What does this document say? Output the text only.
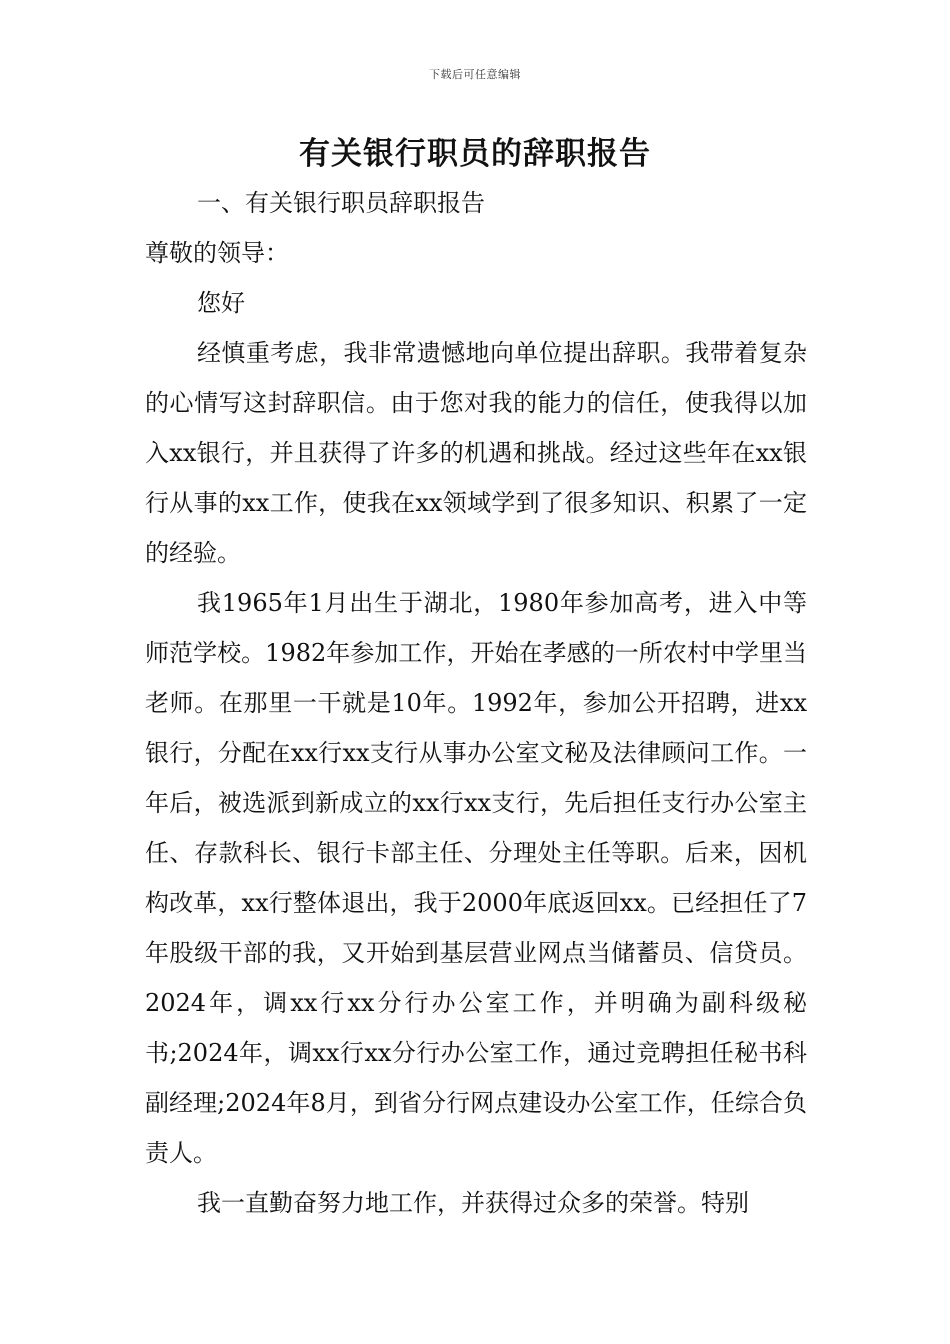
下载后可任意编辑
有关银行职员的辞职报告

一、有关银行职员辞职报告

尊敬的领导：

您好

经慎重考虑，我非常遗憾地向单位提出辞职。我带着复杂的心情写这封辞职信。由于您对我的能力的信任，使我得以加入xx银行，并且获得了许多的机遇和挑战。经过这些年在xx银行从事的xx工作，使我在xx领域学到了很多知识、积累了一定的经验。

我1965年1月出生于湖北，1980年参加高考，进入中等师范学校。1982年参加工作，开始在孝感的一所农村中学里当老师。在那里一干就是10年。1992年，参加公开招聘，进xx银行，分配在xx行xx支行从事办公室文秘及法律顾问工作。一年后，被选派到新成立的xx行xx支行，先后担任支行办公室主任、存款科长、银行卡部主任、分理处主任等职。后来，因机构改革，xx行整体退出，我于2000年底返回xx。已经担任了7年股级干部的我，又开始到基层营业网点当储蓄员、信贷员。2024年，调xx行xx分行办公室工作，并明确为副科级秘书;2024年，调xx行xx分行办公室工作，通过竞聘担任秘书科副经理;2024年8月，到省分行网点建设办公室工作，任综合负责人。

我一直勤奋努力地工作，并获得过众多的荣誉。特别
